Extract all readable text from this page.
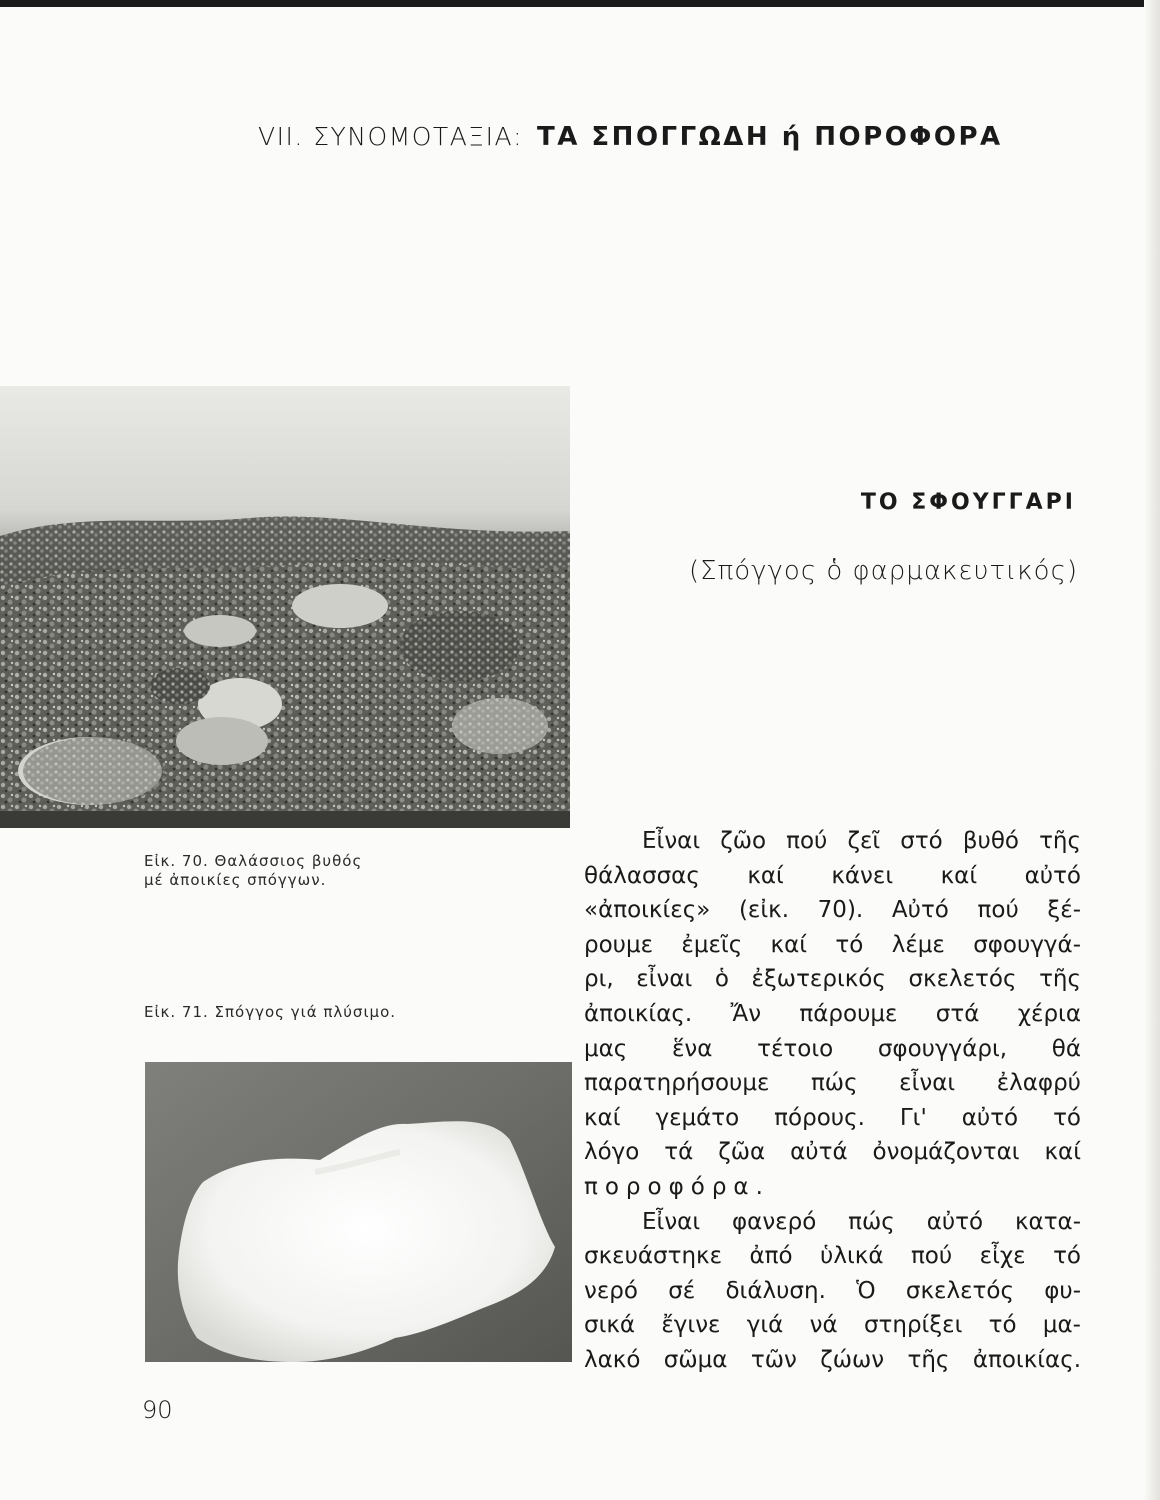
VII. ΣΥΝΟΜΟΤΑΞΙΑ: ΤΑ ΣΠΟΓΓΩΔΗ ή ΠΟΡΟΦΟΡΑ
ΤΟ ΣΦΟΥΓΓΑΡΙ
(Σπόγγος ὁ φαρμακευτικός)
Εἰκ. 70. Θαλάσσιος βυθός
μέ ἀποικίες σπόγγων.
Εἰκ. 71. Σπόγγος γιά πλύσιμο.
Εἶναι ζῶο πού ζεῖ στό βυθό τῆς
θάλασσας καί κάνει καί αὐτό
«ἀποικίες» (εἰκ. 70). Αὐτό πού ξέ-
ρουμε ἐμεῖς καί τό λέμε σφουγγά-
ρι, εἶναι ὁ ἐξωτερικός σκελετός τῆς
ἀποικίας. Ἄν πάρουμε στά χέρια
μας ἕνα τέτοιο σφουγγάρι, θά
παρατηρήσουμε πώς εἶναι ἐλαφρύ
καί γεμάτο πόρους. Γι' αὐτό τό
λόγο τά ζῶα αὐτά ὀνομάζονται καί
ποροφόρα.
Εἶναι φανερό πώς αὐτό κατα-
σκευάστηκε ἀπό ὑλικά πού εἶχε τό
νερό σέ διάλυση. Ὁ σκελετός φυ-
σικά ἔγινε γιά νά στηρίξει τό μα-
λακό σῶμα τῶν ζώων τῆς ἀποικίας.
90
